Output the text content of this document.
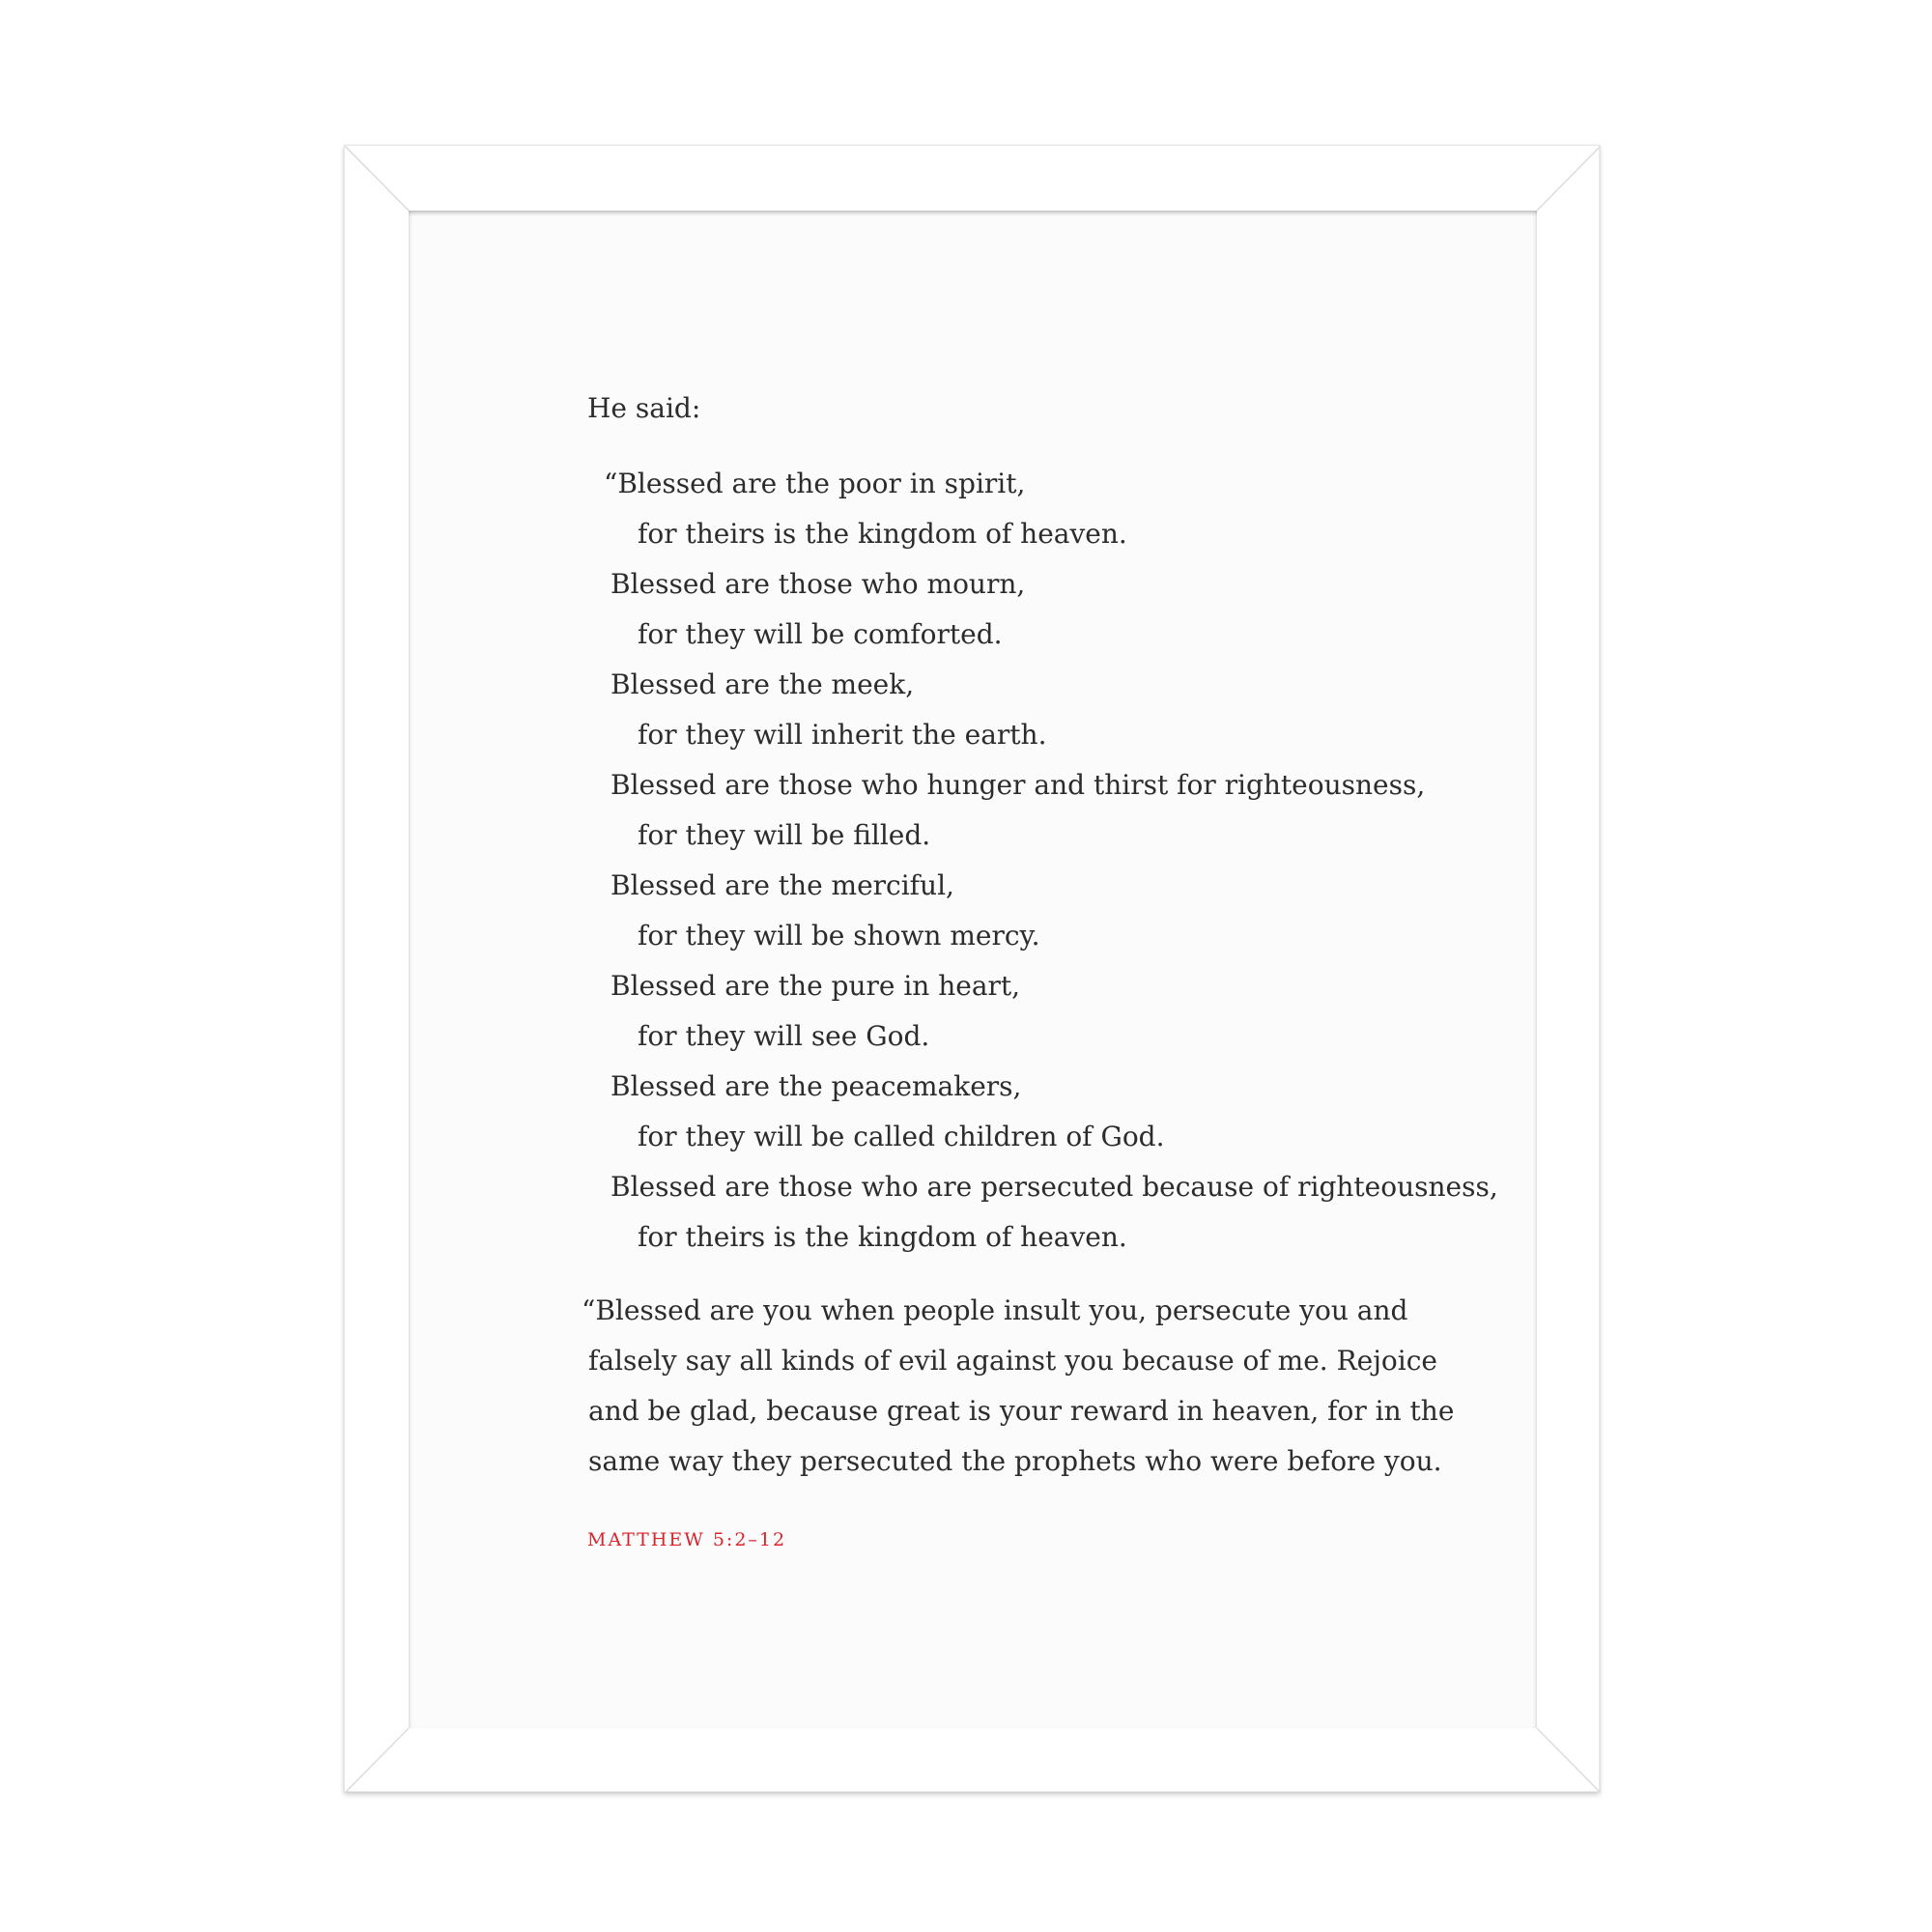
He said:
“Blessed are the poor in spirit,
for theirs is the kingdom of heaven.
Blessed are those who mourn,
for they will be comforted.
Blessed are the meek,
for they will inherit the earth.
Blessed are those who hunger and thirst for righteousness,
for they will be filled.
Blessed are the merciful,
for they will be shown mercy.
Blessed are the pure in heart,
for they will see God.
Blessed are the peacemakers,
for they will be called children of God.
Blessed are those who are persecuted because of righteousness,
for theirs is the kingdom of heaven.
“Blessed are you when people insult you, persecute you and
falsely say all kinds of evil against you because of me. Rejoice
and be glad, because great is your reward in heaven, for in the
same way they persecuted the prophets who were before you.
MATTHEW 5:2–12
